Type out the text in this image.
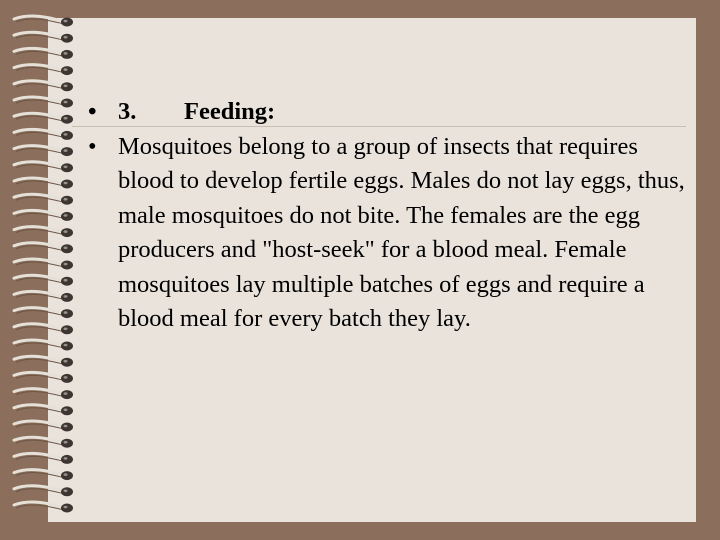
• 3. Feeding:
• Mosquitoes belong to a group of insects that requires blood to develop fertile eggs. Males do not lay eggs, thus, male mosquitoes do not bite. The females are the egg producers and "host-seek" for a blood meal. Female mosquitoes lay multiple batches of eggs and require a blood meal for every batch they lay.
